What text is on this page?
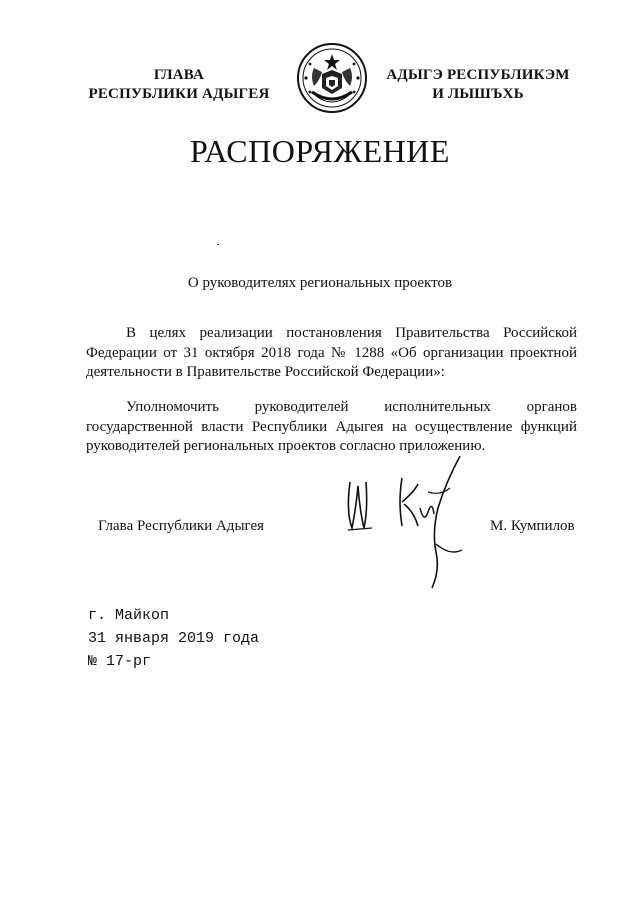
ГЛАВА
РЕСПУБЛИКИ АДЫГЕЯ
АДЫГЭ РЕСПУБЛИКЭМ
И ЛЫШЪХЬ
РАСПОРЯЖЕНИЕ
О руководителях региональных проектов

В целях реализации постановления Правительства Российской Федерации от 31 октября 2018 года № 1288 «Об организации проектной деятельности в Правительстве Российской Федерации»:

Уполномочить руководителей исполнительных органов государственной власти Республики Адыгея на осуществление функций руководителей региональных проектов согласно приложению.

Глава Республики Адыгея	М. Кумпилов
г. Майкоп
31 января 2019 года
№ 17-рг
